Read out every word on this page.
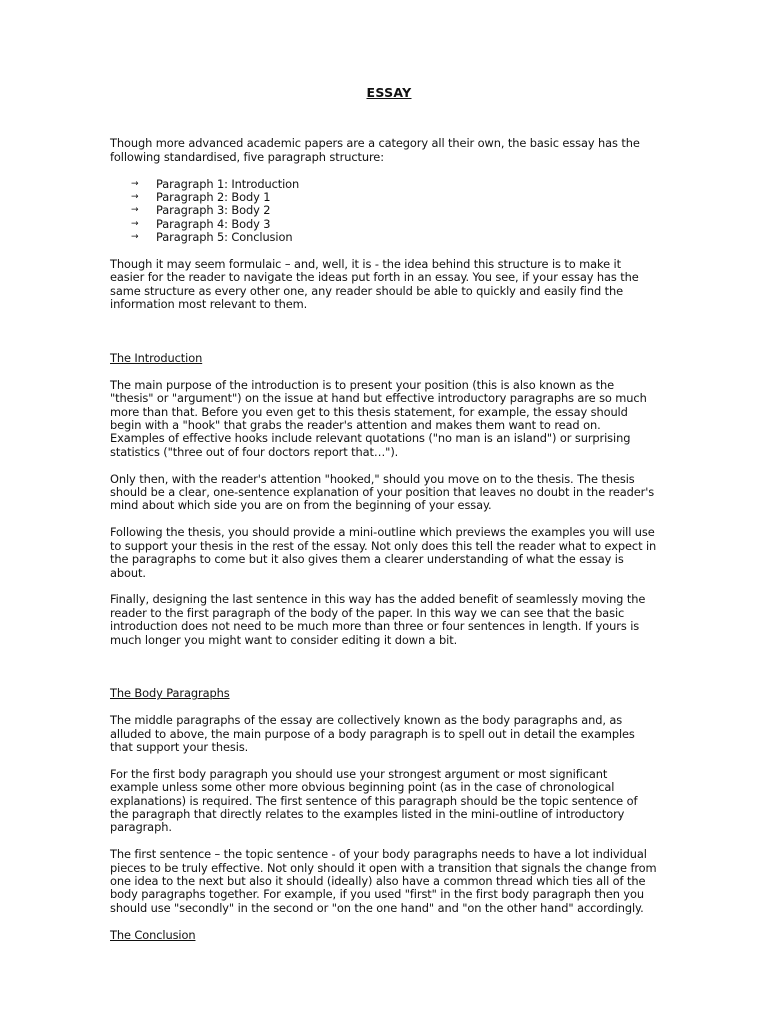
ESSAY

Though more advanced academic papers are a category all their own, the basic essay has the following standardised, five paragraph structure:

→ Paragraph 1: Introduction
→ Paragraph 2: Body 1
→ Paragraph 3: Body 2
→ Paragraph 4: Body 3
→ Paragraph 5: Conclusion

Though it may seem formulaic – and, well, it is - the idea behind this structure is to make it easier for the reader to navigate the ideas put forth in an essay. You see, if your essay has the same structure as every other one, any reader should be able to quickly and easily find the information most relevant to them.

The Introduction

The main purpose of the introduction is to present your position (this is also known as the "thesis" or "argument") on the issue at hand but effective introductory paragraphs are so much more than that. Before you even get to this thesis statement, for example, the essay should begin with a "hook" that grabs the reader's attention and makes them want to read on. Examples of effective hooks include relevant quotations ("no man is an island") or surprising statistics ("three out of four doctors report that…").

Only then, with the reader's attention "hooked," should you move on to the thesis. The thesis should be a clear, one-sentence explanation of your position that leaves no doubt in the reader's mind about which side you are on from the beginning of your essay.

Following the thesis, you should provide a mini-outline which previews the examples you will use to support your thesis in the rest of the essay. Not only does this tell the reader what to expect in the paragraphs to come but it also gives them a clearer understanding of what the essay is about.

Finally, designing the last sentence in this way has the added benefit of seamlessly moving the reader to the first paragraph of the body of the paper. In this way we can see that the basic introduction does not need to be much more than three or four sentences in length. If yours is much longer you might want to consider editing it down a bit.

The Body Paragraphs

The middle paragraphs of the essay are collectively known as the body paragraphs and, as alluded to above, the main purpose of a body paragraph is to spell out in detail the examples that support your thesis.

For the first body paragraph you should use your strongest argument or most significant example unless some other more obvious beginning point (as in the case of chronological explanations) is required. The first sentence of this paragraph should be the topic sentence of the paragraph that directly relates to the examples listed in the mini-outline of introductory paragraph.

The first sentence – the topic sentence - of your body paragraphs needs to have a lot individual pieces to be truly effective. Not only should it open with a transition that signals the change from one idea to the next but also it should (ideally) also have a common thread which ties all of the body paragraphs together. For example, if you used "first" in the first body paragraph then you should use "secondly" in the second or "on the one hand" and "on the other hand" accordingly.

The Conclusion
